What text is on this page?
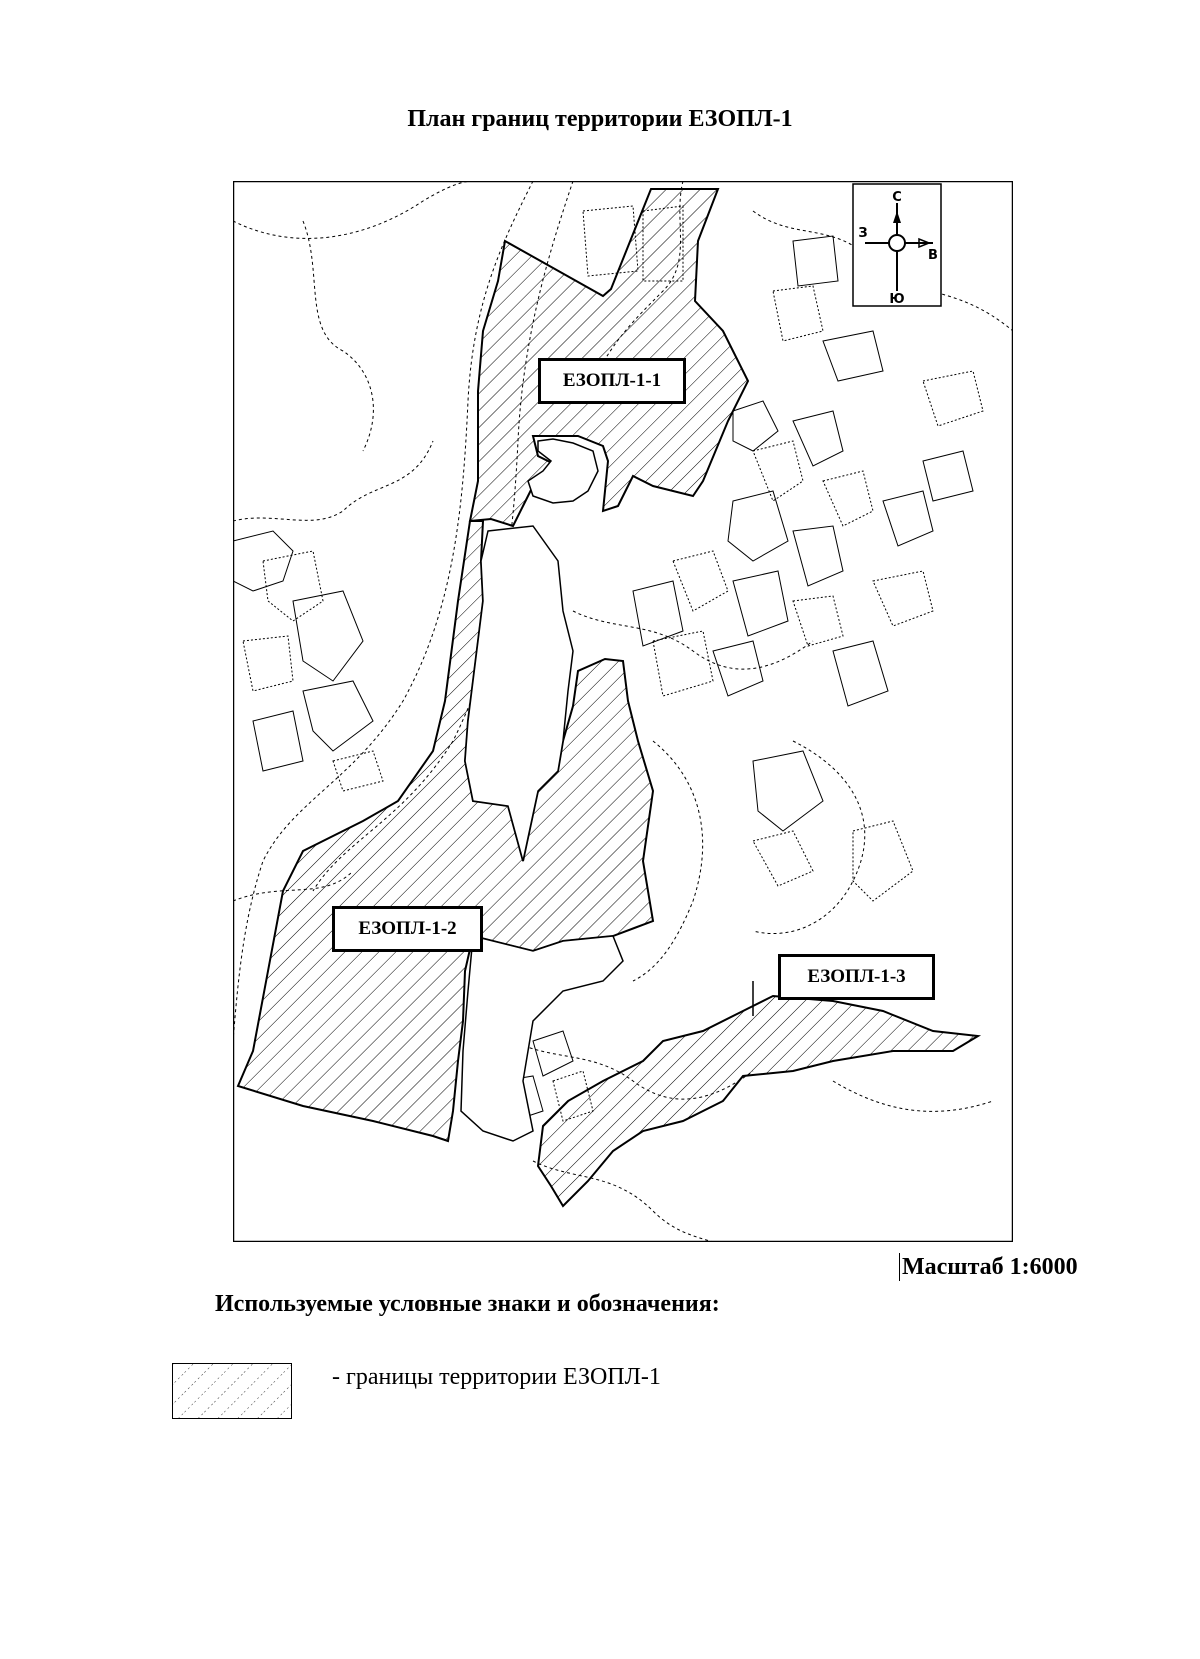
План границ территории ЕЗОПЛ-1
С
Ю
З
В
ЕЗОПЛ-1-1
ЕЗОПЛ-1-2
ЕЗОПЛ-1-3
Масштаб 1:6000
Используемые условные знаки и обозначения:
- границы территории ЕЗОПЛ-1
